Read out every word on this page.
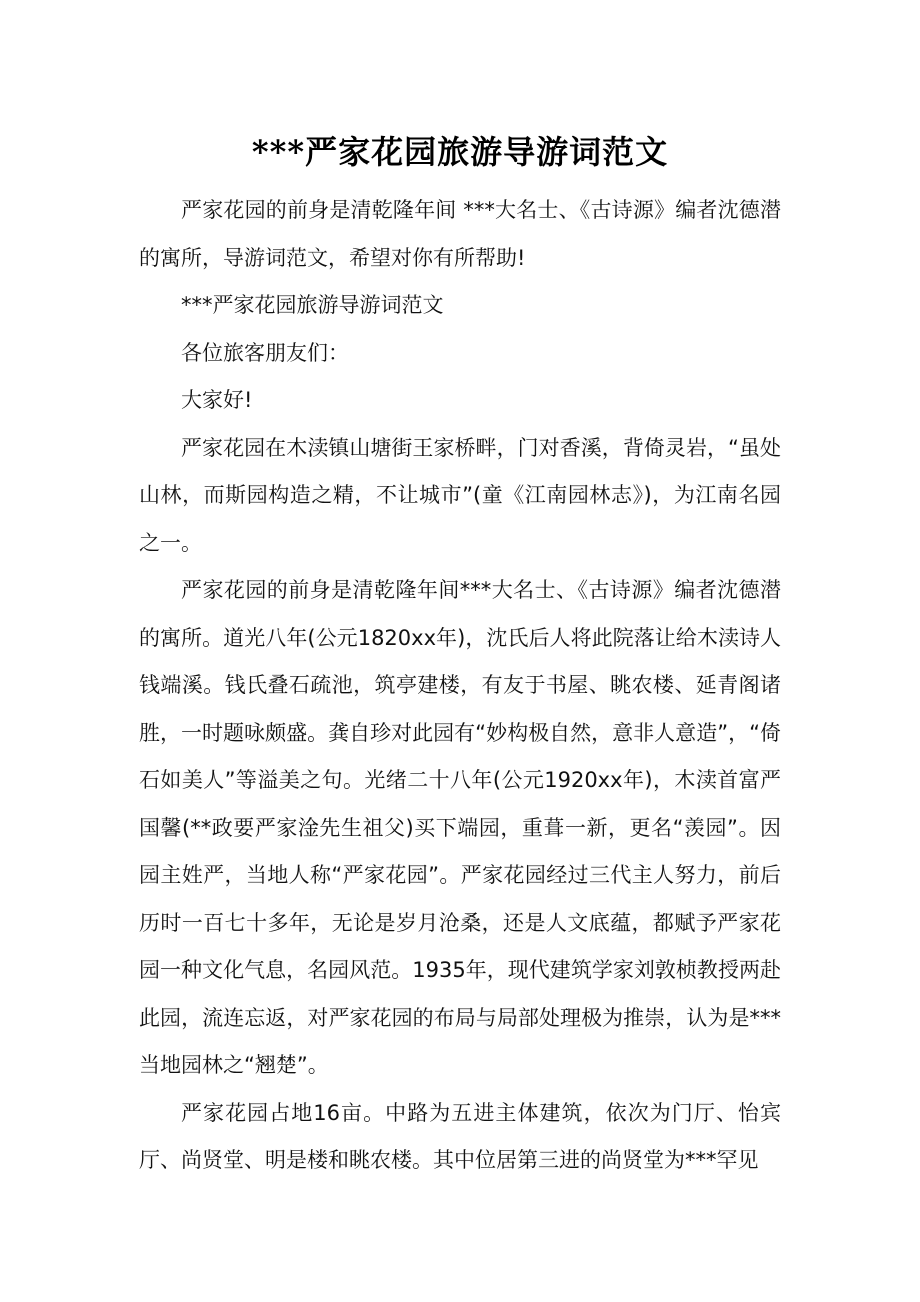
***严家花园旅游导游词范文

严家花园的前身是清乾隆年间 ***大名士、《古诗源》编者沈德潜的寓所，导游词范文，希望对你有所帮助!

***严家花园旅游导游词范文

各位旅客朋友们：

大家好!

严家花园在木渎镇山塘街王家桥畔，门对香溪，背倚灵岩，“虽处山林，而斯园构造之精，不让城市”(童《江南园林志》)，为江南名园之一。

严家花园的前身是清乾隆年间***大名士、《古诗源》编者沈德潜的寓所。道光八年(公元1820xx年)，沈氏后人将此院落让给木渎诗人钱端溪。钱氏叠石疏池，筑亭建楼，有友于书屋、眺农楼、延青阁诸胜，一时题咏颇盛。龚自珍对此园有“妙构极自然，意非人意造”，“倚石如美人”等溢美之句。光绪二十八年(公元1920xx年)，木渎首富严国馨(**政要严家淦先生祖父)买下端园，重葺一新，更名“羡园”。因园主姓严，当地人称“严家花园”。严家花园经过三代主人努力，前后历时一百七十多年，无论是岁月沧桑，还是人文底蕴，都赋予严家花园一种文化气息，名园风范。1935年，现代建筑学家刘敦桢教授两赴此园，流连忘返，对严家花园的布局与局部处理极为推崇，认为是***当地园林之“翘楚”。

严家花园占地16亩。中路为五进主体建筑，依次为门厅、怡宾厅、尚贤堂、明是楼和眺农楼。其中位居第三进的尚贤堂为***罕见
